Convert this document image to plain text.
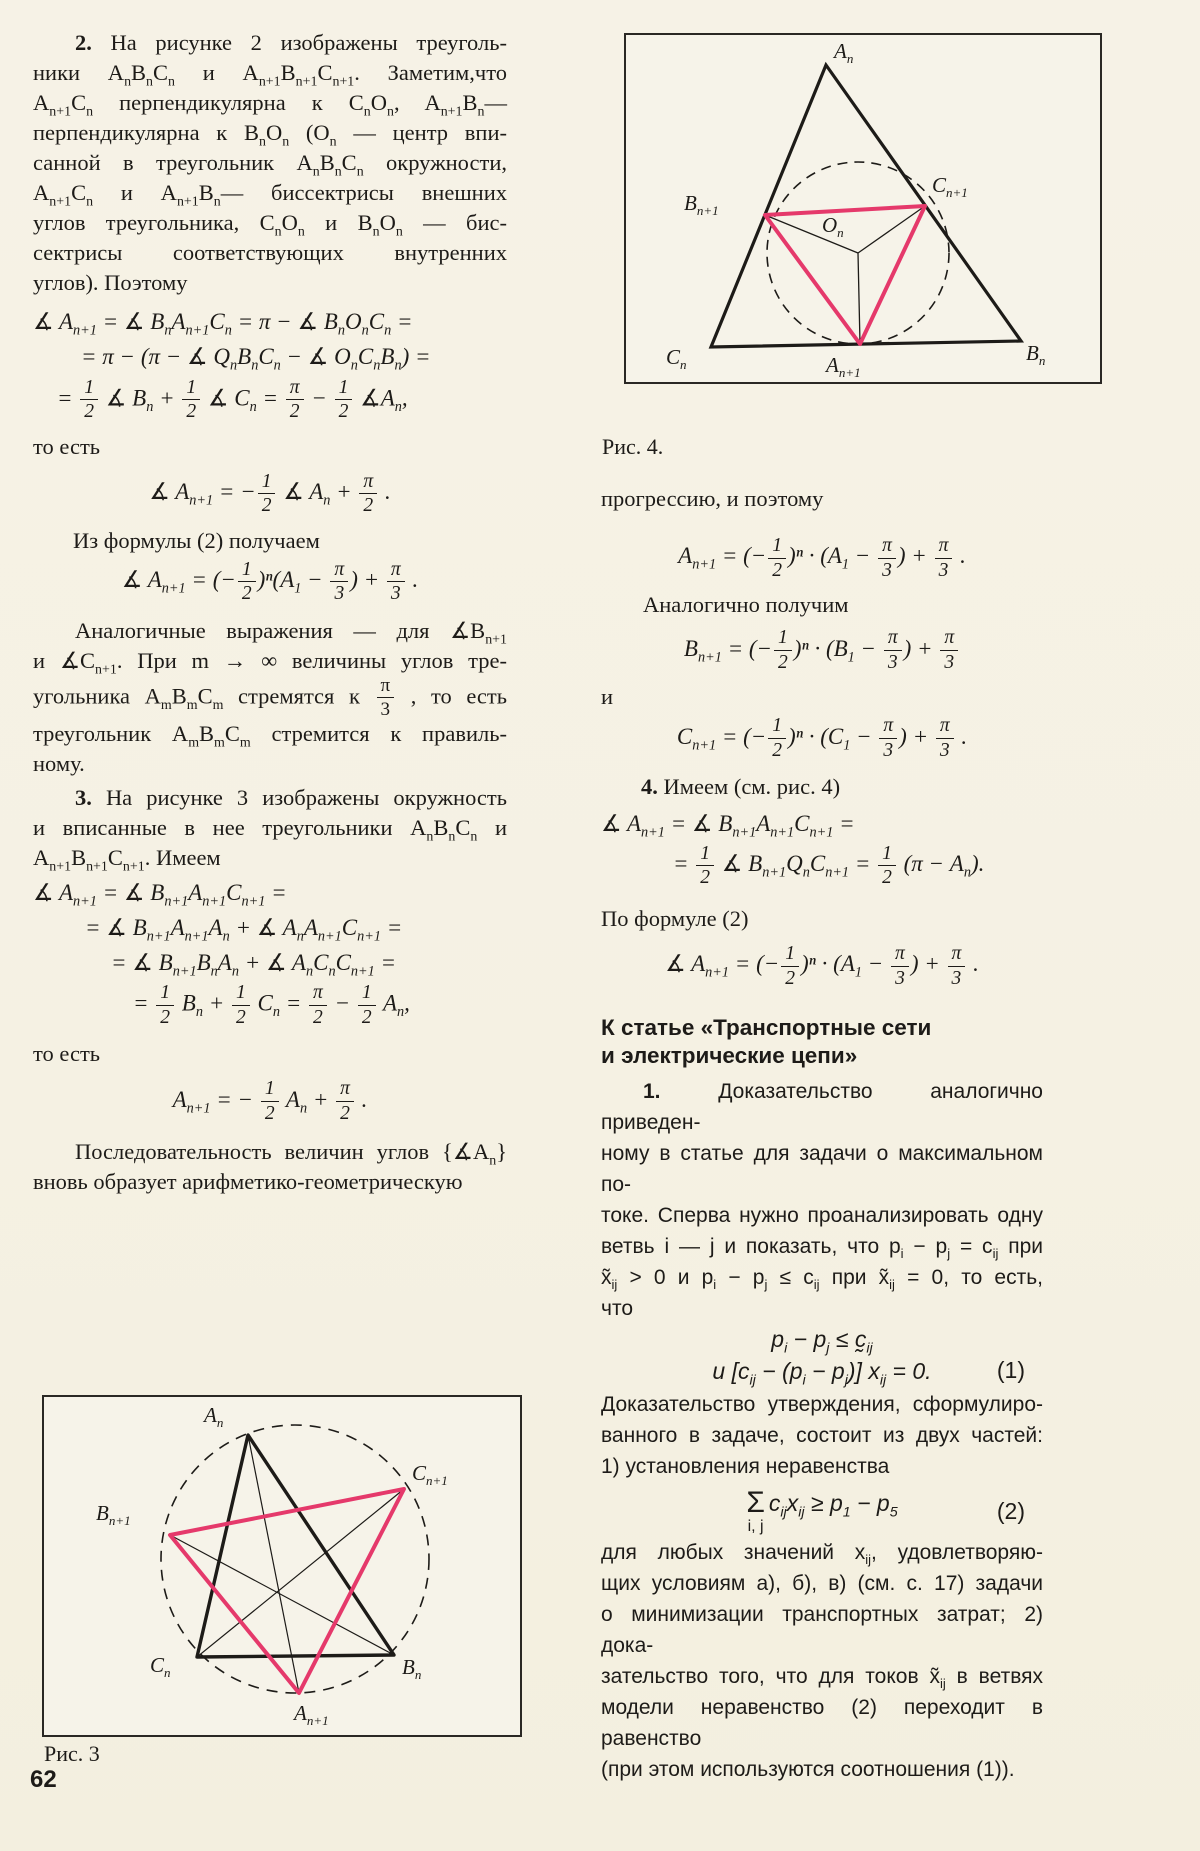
2. На рисунке 2 изображены треуголь-
ники $A_nB_nC_n$ и $A_{n+1}B_{n+1}C_{n+1}$. Заметим,что
$A_{n+1}C_n$ перпендикулярна к $C_nO_n$, $A_{n+1}B_n—$
перпендикулярна к $B_nO_n$ ($O_n$ — центр впи-
санной в треугольник $A_nB_nC_n$ окружности,
$A_{n+1}C_n$ и $A_{n+1}B_n—$ биссектрисы внешних
углов треугольника, $C_nO_n$ и $B_nO_n$ — бис-
сектрисы соответствующих внутренних
углов). Поэтому
∡ $A_{n+1}$ = ∡ $B_nA_{n+1}C_n = \pi$ − ∡ $B_nO_nC_n$ =
= π − (π − ∡ $Q_nB_nC_n$ − ∡ $O_nC_nB_n$) =
= $\frac{1}{2}$ ∡ $B_n + \frac{1}{2}$ ∡ $C_n = \frac{\pi}{2} - \frac{1}{2}$ $∡A_n$,
то есть
∡ $A_{n+1}$ = − $\frac{1}{2}$ ∡ $A_n + \frac{\pi}{2}$ .
Из формулы (2) получаем
∡ $A_{n+1}$ = (− $\frac{1}{2} )^n(A_1 - \frac{\pi}{3}$ ) + $\frac{\pi}{3}$ .
Аналогичные выражения — для $∡B_{n+1}$
и $∡C_{n+1}$. При m → ∞ величины углов тре-
угольника $A_mB_mC_m$ стремятся к $\frac{\pi}{3}$ , то есть
треугольник $A_mB_mC_m$ стремится к правиль-
ному.
3. На рисунке 3 изображены окружность
и вписанные в нее треугольники $A_nB_nC_n$ и
$A_{n+1}B_{n+1}C_{n+1}$. Имеем
∡ $A_{n+1}$ = ∡ $B_{n+1}A_{n+1}C_{n+1}$ =
= ∡ $B_{n+1}A_{n+1}A_n$ + ∡ $A_nA_{n+1}C_{n+1}$ =
= ∡ $B_{n+1}B_nA_n$ + ∡ $A_nC_nC_{n+1}$ =
= $\frac{1}{2} B_n + \frac{1}{2} C_n = \frac{\pi}{2} - \frac{1}{2} A_n$,
то есть
$A_{n+1}$ = − $\frac{1}{2} A_n + \frac{\pi}{2}$ .
Последовательность величин углов $\{∡A_n\}$
вновь образует арифметико-геометрическую
$A_n$
$C_{n+1}$
$B_{n+1}$
$O_n$
$C_n$	$B_n$
$A_{n+1}$
Рис. 4.
прогрессию, и поэтому
$A_{n+1}$ = (− $\frac{1}{2} )^n \cdot (A_1 - \frac{\pi}{3}$ ) + $\frac{\pi}{3}$ .
Аналогично получим
$B_{n+1}$ = (− $\frac{1}{2} )^n \cdot (B_1 - \frac{\pi}{3}$ ) + $\frac{\pi}{3}$
и
$C_{n+1}$ = (− $\frac{1}{2} )^n \cdot (C_1 - \frac{\pi}{3}$ ) + $\frac{\pi}{3}$ .
4. Имеем (см. рис. 4)
∡ $A_{n+1}$ = ∡ $B_{n+1}A_{n+1}C_{n+1}$ =
= $\frac{1}{2}$ ∡ $B_{n+1}Q_nC_{n+1} = \frac{1}{2} (\pi - A_n)$.
По формуле (2)
∡ $A_{n+1}$ = (− $\frac{1}{2} )^n \cdot (A_1 - \frac{\pi}{3}$ ) + $\frac{\pi}{3}$ .
К статье «Транспортные сети
и электрические цепи»
1. Доказательство аналогично приведен-
ному в статье для задачи о максимальном по-
токе. Сперва нужно проанализировать одну
ветвь i — j и показать, что $p_i - p_j = c_{ij}$ при
$x̃_{ij} > 0$ и $p_i - p_j \le c_{ij}$ при $x̃_{ij} = 0$, то есть,
что
$p_i - p_j$ ≤ $c̰_{ij}$
и $[c_{ij} - (p_i - p_j)] x_{ij} = 0$.	(1)
Доказательство утверждения, сформулиро-
ванного в задаче, состоит из двух частей:
1) установления неравенства
Σ
i, j
$c_{ij}x_{ij} \ge p_1 - p_5$	(2)
для любых значений $x_{ij}$, удовлетворяю-
щих условиям а), б), в) (см. с. 17) задачи
о минимизации транспортных затрат; 2) дока-
зательство того, что для токов $x̃_{ij}$ в ветвях
модели неравенство (2) переходит в равенство
(при этом используются соотношения (1)).
$A_n$
$C_{n+1}$
$B_{n+1}$
$C_n$	$B_n$
$A_{n+1}$
Рис. 3
62
